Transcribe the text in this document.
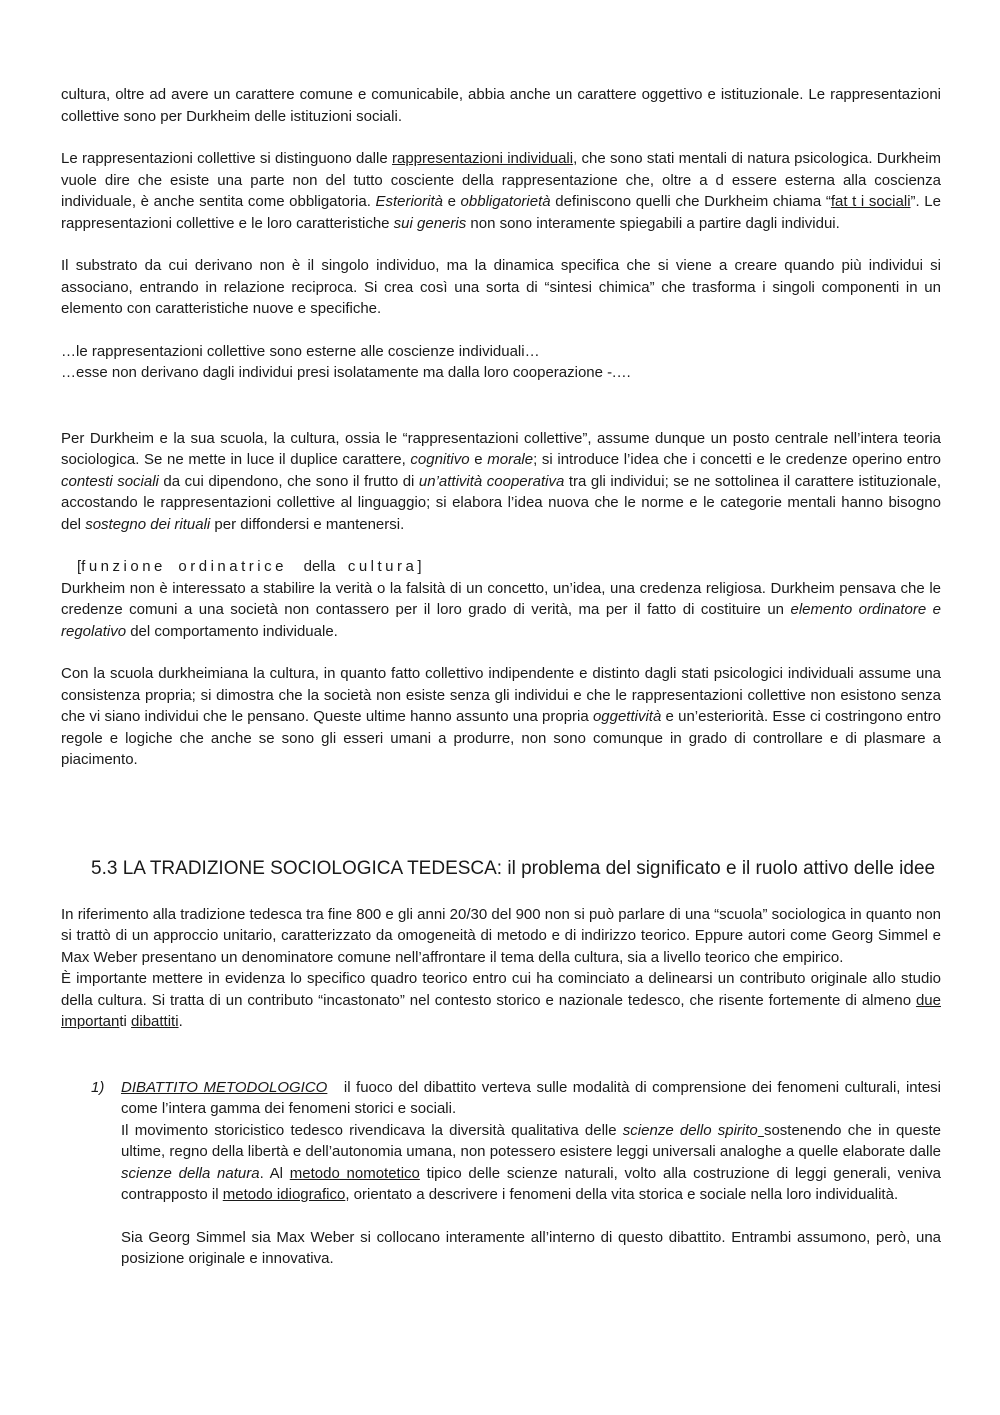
cultura, oltre ad avere un carattere comune e comunicabile, abbia anche un carattere oggettivo e istituzionale. Le rappresentazioni collettive sono per Durkheim delle istituzioni sociali.

Le rappresentazioni collettive si distinguono dalle rappresentazioni individuali, che sono stati mentali di natura psicologica. Durkheim vuole dire che esiste una parte non del tutto cosciente della rappresentazione che, oltre a d essere esterna alla coscienza individuale, è anche sentita come obbligatoria. Esteriorità e obbligatorietà definiscono quelli che Durkheim chiama “fat t i sociali”. Le rappresentazioni collettive e le loro caratteristiche sui generis non sono interamente spiegabili a partire dagli individui.

Il substrato da cui derivano non è il singolo individuo, ma la dinamica specifica che si viene a creare quando più individui si associano, entrando in relazione reciproca. Si crea così una sorta di “sintesi chimica” che trasforma i singoli componenti in un elemento con caratteristiche nuove e specifiche.

…le rappresentazioni collettive sono esterne alle coscienze individuali…

…esse non derivano dagli individui presi isolatamente ma dalla loro cooperazione -.…

Per Durkheim e la sua scuola, la cultura, ossia le “rappresentazioni collettive”, assume dunque un posto centrale nell’intera teoria sociologica. Se ne mette in luce il duplice carattere, cognitivo e morale; si introduce l’idea che i concetti e le credenze operino entro contesti sociali da cui dipendono, che sono il frutto di un’attività cooperativa tra gli individui; se ne sottolinea il carattere istituzionale, accostando le rappresentazioni collettive al linguaggio; si elabora l’idea nuova che le norme e le categorie mentali hanno bisogno del sostegno dei rituali per diffondersi e mantenersi.

[funzione ordinatrice della cultura]

Durkheim non è interessato a stabilire la verità o la falsità di un concetto, un’idea, una credenza religiosa. Durkheim pensava che le credenze comuni a una società non contassero per il loro grado di verità, ma per il fatto di costituire un elemento ordinatore e regolativo del comportamento individuale.

Con la scuola durkheimiana la cultura, in quanto fatto collettivo indipendente e distinto dagli stati psicologici individuali assume una consistenza propria; si dimostra che la società non esiste senza gli individui e che le rappresentazioni collettive non esistono senza che vi siano individui che le pensano. Queste ultime hanno assunto una propria oggettività e un’esteriorità. Esse ci costringono entro regole e logiche che anche se sono gli esseri umani a produrre, non sono comunque in grado di controllare e di plasmare a piacimento.

5.3 LA TRADIZIONE SOCIOLOGICA TEDESCA: il problema del significato e il ruolo attivo delle idee

In riferimento alla tradizione tedesca tra fine 800 e gli anni 20/30 del 900 non si può parlare di una “scuola” sociologica in quanto non si trattò di un approccio unitario, caratterizzato da omogeneità di metodo e di indirizzo teorico. Eppure autori come Georg Simmel e Max Weber presentano un denominatore comune nell’affrontare il tema della cultura, sia a livello teorico che empirico.

È importante mettere in evidenza lo specifico quadro teorico entro cui ha cominciato a delinearsi un contributo originale allo studio della cultura. Si tratta di un contributo “incastonato” nel contesto storico e nazionale tedesco, che risente fortemente di almeno due importanti dibattiti.

1) DIBATTITO METODOLOGICO   il fuoco del dibattito verteva sulle modalità di comprensione dei fenomeni culturali, intesi come l’intera gamma dei fenomeni storici e sociali.

Il movimento storicistico tedesco rivendicava la diversità qualitativa delle scienze dello spirito sostenendo che in queste ultime, regno della libertà e dell’autonomia umana, non potessero esistere leggi universali analoghe a quelle elaborate dalle scienze della natura. Al metodo nomotetico tipico delle scienze naturali, volto alla costruzione di leggi generali, veniva contrapposto il metodo idiografico, orientato a descrivere i fenomeni della vita storica e sociale nella loro individualità.

Sia Georg Simmel sia Max Weber si collocano interamente all’interno di questo dibattito. Entrambi assumono, però, una posizione originale e innovativa.
